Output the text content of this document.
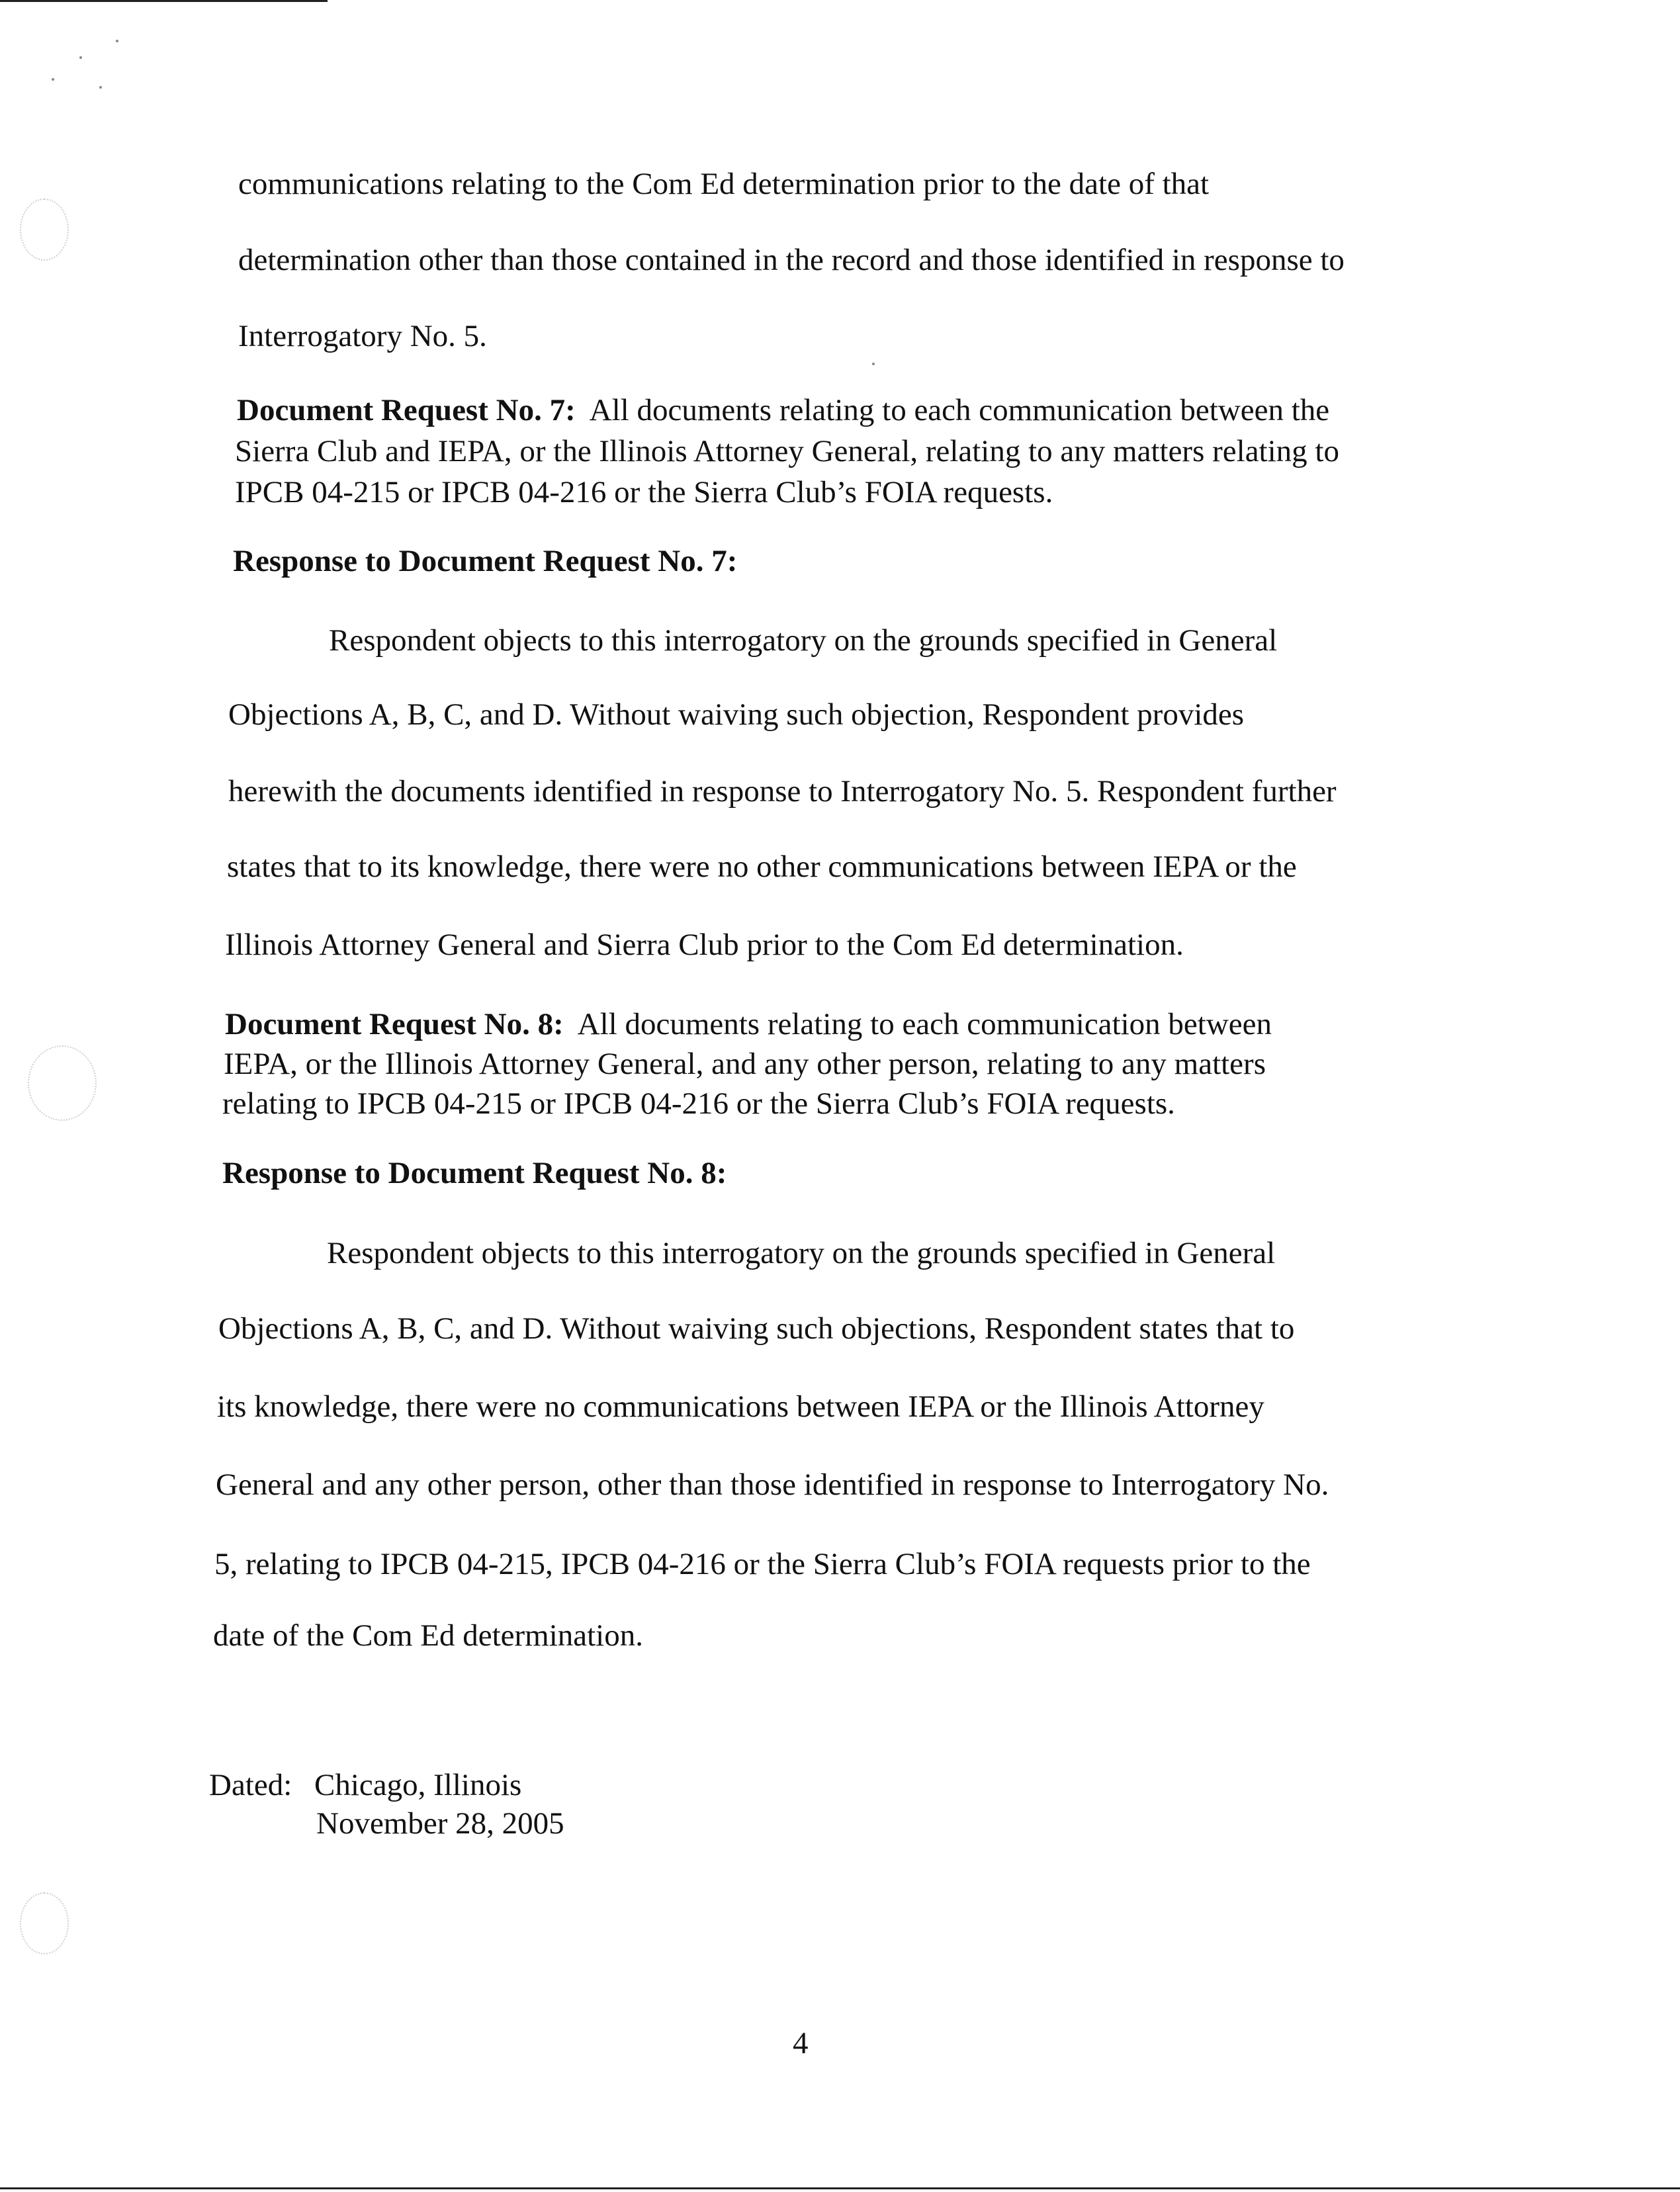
communications relating to the Com Ed determination prior to the date of that
determination other than those contained in the record and those identified in response to
Interrogatory No. 5.
Document Request No. 7: All documents relating to each communication between the
Sierra Club and IEPA, or the Illinois Attorney General, relating to any matters relating to
IPCB 04-215 or IPCB 04-216 or the Sierra Club’s FOIA requests.
Response to Document Request No. 7:
Respondent objects to this interrogatory on the grounds specified in General
Objections A, B, C, and D. Without waiving such objection, Respondent provides
herewith the documents identified in response to Interrogatory No. 5. Respondent further
states that to its knowledge, there were no other communications between IEPA or the
Illinois Attorney General and Sierra Club prior to the Com Ed determination.
Document Request No. 8: All documents relating to each communication between
IEPA, or the Illinois Attorney General, and any other person, relating to any matters
relating to IPCB 04-215 or IPCB 04-216 or the Sierra Club’s FOIA requests.
Response to Document Request No. 8:
Respondent objects to this interrogatory on the grounds specified in General
Objections A, B, C, and D. Without waiving such objections, Respondent states that to
its knowledge, there were no communications between IEPA or the Illinois Attorney
General and any other person, other than those identified in response to Interrogatory No.
5, relating to IPCB 04-215, IPCB 04-216 or the Sierra Club’s FOIA requests prior to the
date of the Com Ed determination.
Dated: Chicago, Illinois
November 28, 2005
4
